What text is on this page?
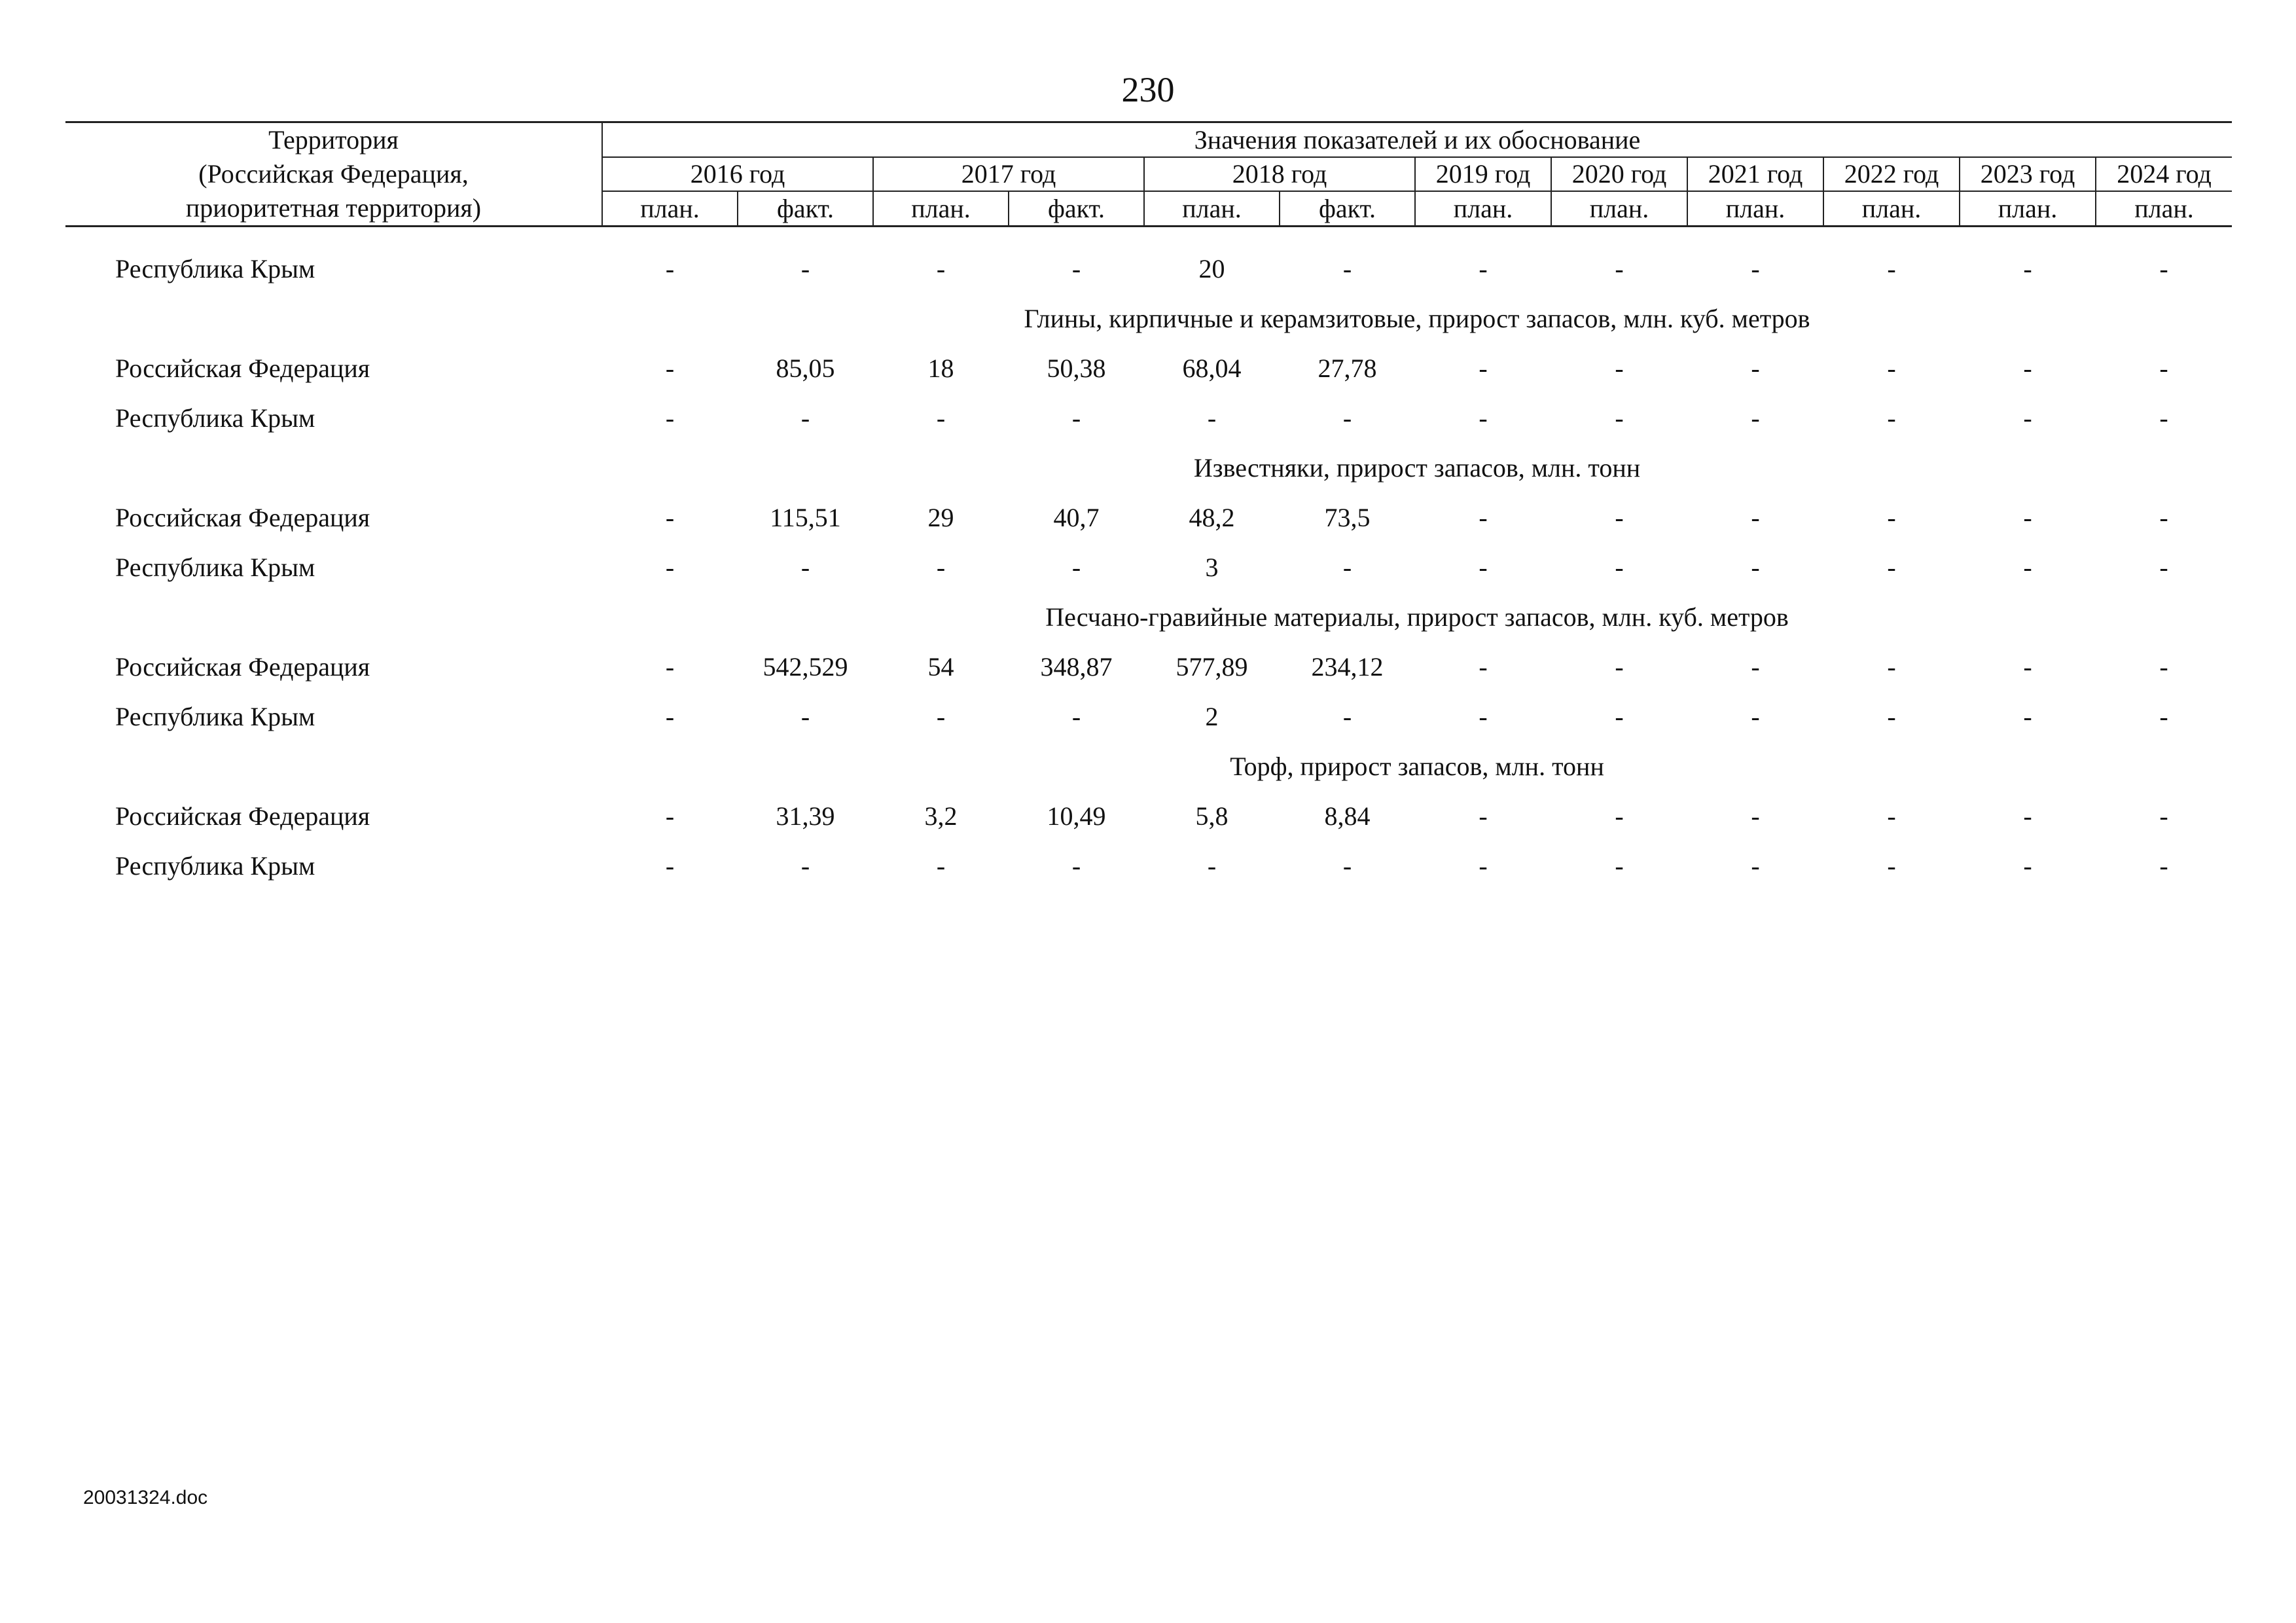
230
Территория	Значения показателей и их обоснование											
(Российская Федерация,	2016 год		2017 год		2018 год		2019 год	2020 год	2021 год	2022 год	2023 год	2024 год
приоритетная территория)	план.	факт.	план.	факт.	план.	факт.	план.	план.	план.	план.	план.	план.

Республика Крым	-	-	-	-	20	-	-	-	-	-	-	-
	Глины, кирпичные и керамзитовые, прирост запасов, млн. куб. метров											
Российская Федерация	-	85,05	18	50,38	68,04	27,78	-	-	-	-	-	-
Республика Крым	-	-	-	-	-	-	-	-	-	-	-	-
	Известняки, прирост запасов, млн. тонн											
Российская Федерация	-	115,51	29	40,7	48,2	73,5	-	-	-	-	-	-
Республика Крым	-	-	-	-	3	-	-	-	-	-	-	-
	Песчано-гравийные материалы, прирост запасов, млн. куб. метров											
Российская Федерация	-	542,529	54	348,87	577,89	234,12	-	-	-	-	-	-
Республика Крым	-	-	-	-	2	-	-	-	-	-	-	-
	Торф, прирост запасов, млн. тонн											
Российская Федерация	-	31,39	3,2	10,49	5,8	8,84	-	-	-	-	-	-
Республика Крым	-	-	-	-	-	-	-	-	-	-	-	-
20031324.doc
